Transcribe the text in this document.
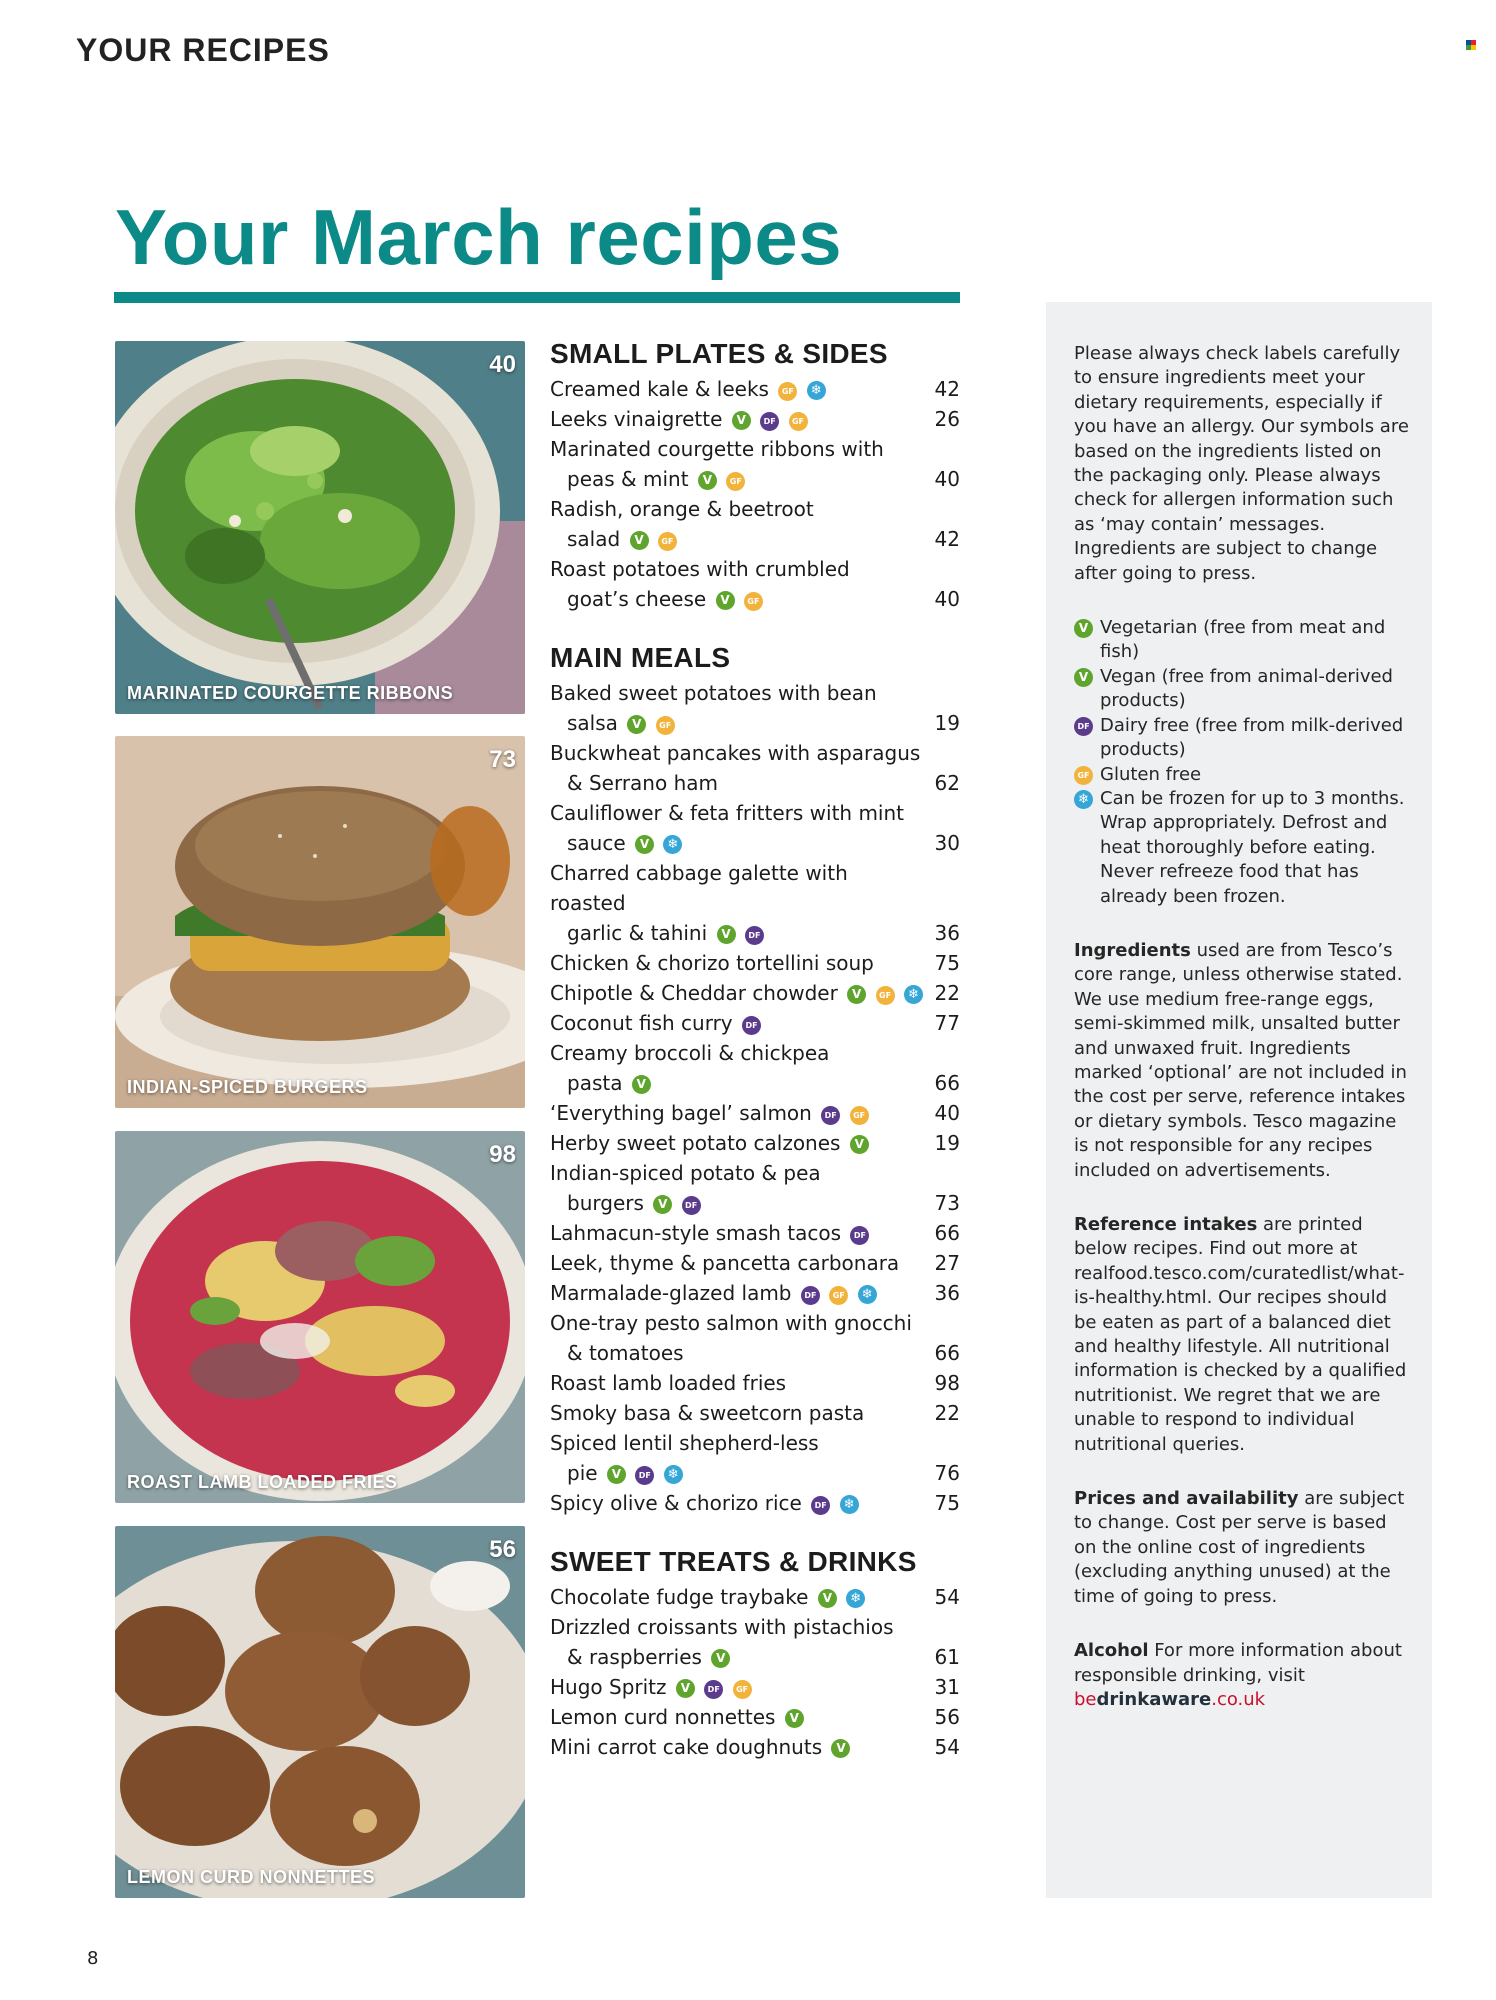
YOUR RECIPES
Your March recipes
40
MARINATED COURGETTE RIBBONS
73
INDIAN-SPICED BURGERS
98
ROAST LAMB LOADED FRIES
56
LEMON CURD NONNETTES
SMALL PLATES & SIDES
Creamed kale & leeks GF ❄	42
Leeks vinaigrette V DF GF	26
Marinated courgette ribbons with
peas & mint V GF	40
Radish, orange & beetroot
salad V GF	42
Roast potatoes with crumbled
goat’s cheese V GF	40
MAIN MEALS
Baked sweet potatoes with bean
salsa V GF	19
Buckwheat pancakes with asparagus
& Serrano ham	62
Cauliflower & feta fritters with mint
sauce V ❄	30
Charred cabbage galette with roasted
garlic & tahini V DF	36
Chicken & chorizo tortellini soup	75
Chipotle & Cheddar chowder V GF ❄ 22
Coconut fish curry DF	77
Creamy broccoli & chickpea
pasta V	66
‘Everything bagel’ salmon DF GF	40
Herby sweet potato calzones V	19
Indian-spiced potato & pea
burgers V DF	73
Lahmacun-style smash tacos DF	66
Leek, thyme & pancetta carbonara	27
Marmalade-glazed lamb DF GF ❄	36
One-tray pesto salmon with gnocchi
& tomatoes	66
Roast lamb loaded fries	98
Smoky basa & sweetcorn pasta	22
Spiced lentil shepherd-less
pie V DF ❄	76
Spicy olive & chorizo rice DF ❄	75
SWEET TREATS & DRINKS
Chocolate fudge traybake V ❄	54
Drizzled croissants with pistachios
& raspberries V	61
Hugo Spritz V DF GF	31
Lemon curd nonnettes V	56
Mini carrot cake doughnuts V	54

Please always check labels carefully to ensure ingredients meet your dietary requirements, especially if you have an allergy. Our symbols are based on the ingredients listed on the packaging only. Please always check for allergen information such as ‘may contain’ messages. Ingredients are subject to change after going to press.

V Vegetarian (free from meat and fish)
V Vegan (free from animal-derived products)
DF Dairy free (free from milk-derived products)
GF Gluten free
❄ Can be frozen for up to 3 months. Wrap appropriately. Defrost and heat thoroughly before eating. Never refreeze food that has already been frozen.

Ingredients used are from Tesco’s core range, unless otherwise stated. We use medium free-range eggs, semi-skimmed milk, unsalted butter and unwaxed fruit. Ingredients marked ‘optional’ are not included in the cost per serve, reference intakes or dietary symbols. Tesco magazine is not responsible for any recipes included on advertisements.

Reference intakes are printed below recipes. Find out more at realfood.tesco.com/curatedlist/what-is-healthy.html. Our recipes should be eaten as part of a balanced diet and healthy lifestyle. All nutritional information is checked by a qualified nutritionist. We regret that we are unable to respond to individual nutritional queries.

Prices and availability are subject to change. Cost per serve is based on the online cost of ingredients (excluding anything unused) at the time of going to press.

Alcohol For more information about responsible drinking, visit
bedrinkaware.co.uk

8
